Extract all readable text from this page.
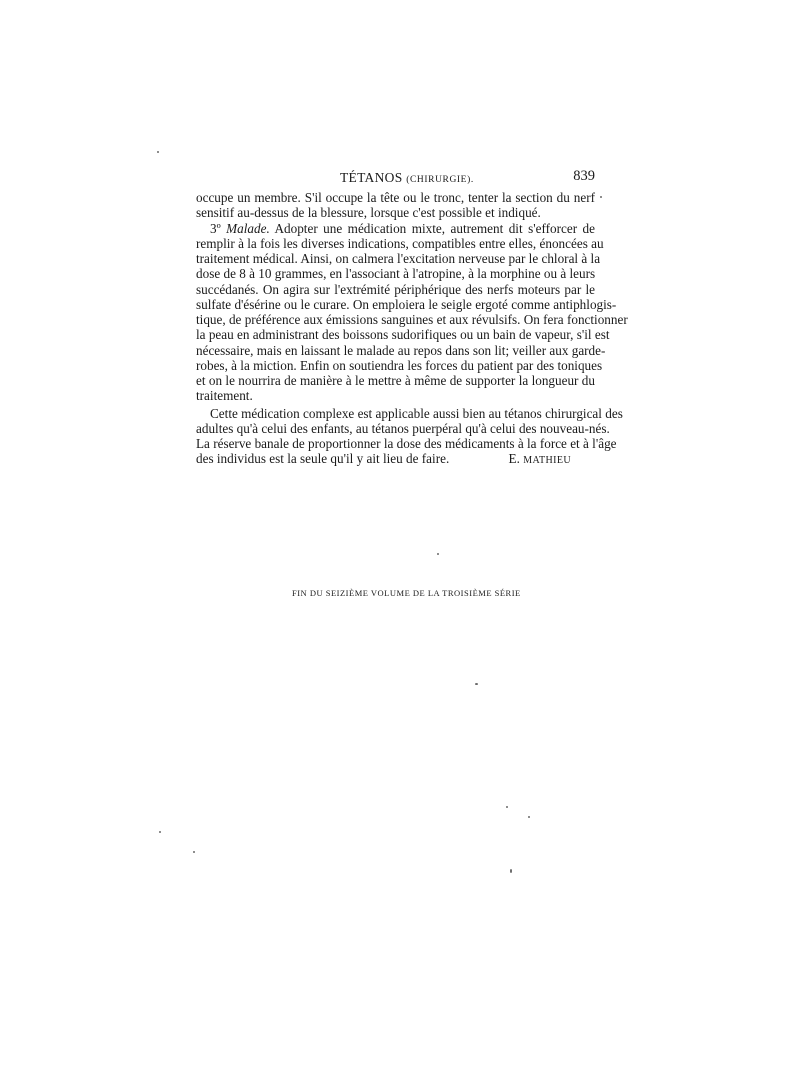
TÉTANOS (CHIRURGIE).	839
occupe un membre. S'il occupe la tête ou le tronc, tenter la section du nerf
sensitif au-dessus de la blessure, lorsque c'est possible et indiqué.
3º Malade. Adopter une médication mixte, autrement dit s'efforcer de
remplir à la fois les diverses indications, compatibles entre elles, énoncées au
traitement médical. Ainsi, on calmera l'excitation nerveuse par le chloral à la
dose de 8 à 10 grammes, en l'associant à l'atropine, à la morphine ou à leurs
succédanés. On agira sur l'extrémité périphérique des nerfs moteurs par le
sulfate d'ésérine ou le curare. On emploiera le seigle ergoté comme antiphlogis-
tique, de préférence aux émissions sanguines et aux révulsifs. On fera fonctionner
la peau en administrant des boissons sudorifiques ou un bain de vapeur, s'il est
nécessaire, mais en laissant le malade au repos dans son lit; veiller aux garde-
robes, à la miction. Enfin on soutiendra les forces du patient par des toniques
et on le nourrira de manière à le mettre à même de supporter la longueur du
traitement.
Cette médication complexe est applicable aussi bien au tétanos chirurgical des
adultes qu'à celui des enfants, au tétanos puerpéral qu'à celui des nouveau-nés.
La réserve banale de proportionner la dose des médicaments à la force et à l'âge
des individus est la seule qu'il y ait lieu de faire.	E. MATHIEU
FIN DU SEIZIÈME VOLUME DE LA TROISIÈME SÉRIE
